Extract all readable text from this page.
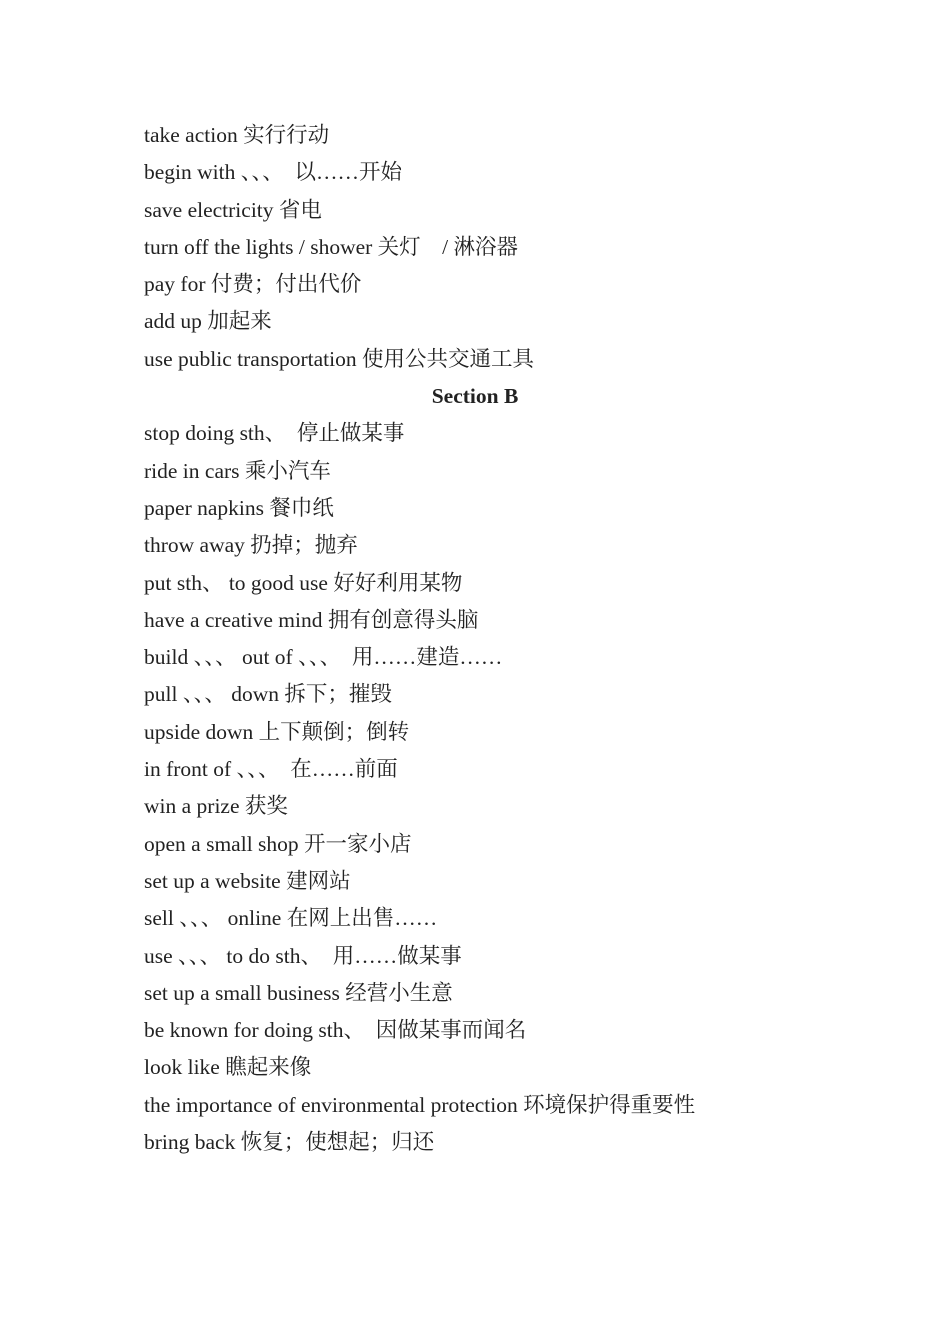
take action 实行行动
begin with 、、、　以……开始
save electricity 省电
turn off the lights / shower 关灯　/ 淋浴器
pay for 付费；付出代价
add up 加起来
use public transportation 使用公共交通工具
Section B
stop doing sth、　停止做某事
ride in cars 乘小汽车
paper napkins 餐巾纸
throw away 扔掉；抛弃
put sth、 to good use 好好利用某物
have a creative mind 拥有创意得头脑
build 、、、 out of 、、、　用……建造……
pull 、、、 down 拆下；摧毁
upside down 上下颠倒；倒转
in front of 、、、　在……前面
win a prize 获奖
open a small shop 开一家小店
set up a website 建网站
sell 、、、 online 在网上出售……
use 、、、 to do sth、　用……做某事
set up a small business 经营小生意
be known for doing sth、　因做某事而闻名
look like 瞧起来像
the importance of environmental protection 环境保护得重要性
bring back 恢复；使想起；归还
